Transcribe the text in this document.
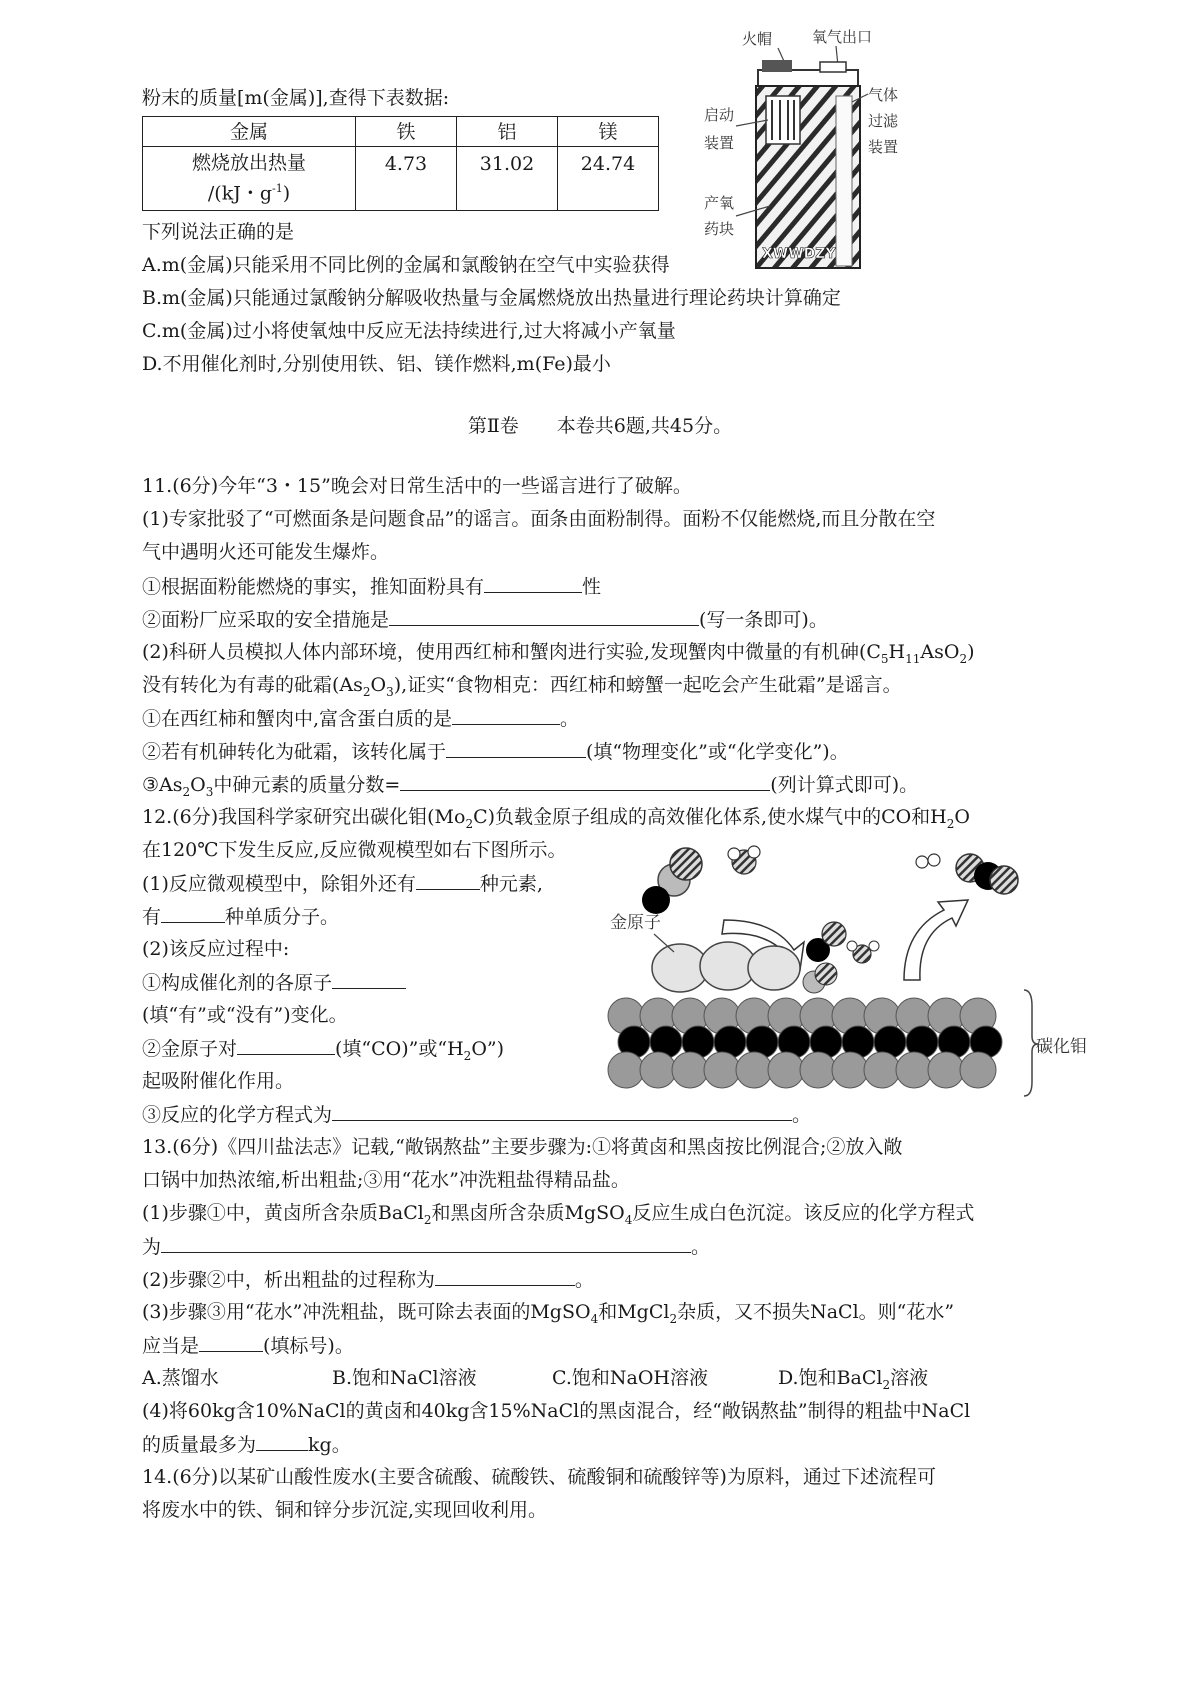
粉末的质量[m(金属)],查得下表数据:
金属	铁	铝	镁

燃烧放出热量
/(kJ・$g^{-1}$)	4.73	31.02	24.74
火帽	氧气出口
XWWDZY
启动
装置
产氧
药块
气体
过滤
装置
下列说法正确的是
A.m(金属)只能采用不同比例的金属和氯酸钠在空气中实验获得
B.m(金属)只能通过氯酸钠分解吸收热量与金属燃烧放出热量进行理论药块计算确定
C.m(金属)过小将使氧烛中反应无法持续进行,过大将减小产氧量
D.不用催化剂时,分别使用铁、铝、镁作燃料,m(Fe)最小
第Ⅱ卷　　本卷共6题,共45分。
11.(6分)今年“3・15”晚会对日常生活中的一些谣言进行了破解。
(1)专家批驳了“可燃面条是问题食品”的谣言。面条由面粉制得。面粉不仅能燃烧,而且分散在空
气中遇明火还可能发生爆炸。
①根据面粉能燃烧的事实，推知面粉具有	性
②面粉厂应采取的安全措施是	(写一条即可)。
(2)科研人员模拟人体内部环境，使用西红柿和蟹肉进行实验,发现蟹肉中微量的有机砷$(C_5H_{11}AsO_2)$
没有转化为有毒的砒霜$(As_2O_3)$,证实“食物相克：西红柿和螃蟹一起吃会产生砒霜”是谣言。
①在西红柿和蟹肉中,富含蛋白质的是	。
②若有机砷转化为砒霜，该转化属于	(填“物理变化”或“化学变化”)。
$③As_2O_3$中砷元素的质量分数=	(列计算式即可)。
12.(6分)我国科学家研究出碳化钼$(Mo_2C)$负载金原子组成的高效催化体系,使水煤气中的CO和$H_2O$
在120℃下发生反应,反应微观模型如右下图所示。
(1)反应微观模型中，除钼外还有	种元素,
有	种单质分子。
(2)该反应过程中:
①构成催化剂的各原子
(填“有”或“没有”)变化。
②金原子对	(填“CO)”或“$H_2O$”)
起吸附催化作用。
③反应的化学方程式为	。
金原子
碳化钼
13.(6分)《四川盐法志》记载,“敞锅熬盐”主要步骤为:①将黄卤和黑卤按比例混合;②放入敞
口锅中加热浓缩,析出粗盐;③用“花水”冲洗粗盐得精品盐。
(1)步骤①中，黄卤所含杂质BaCl$_2$和黑卤所含杂质MgSO$_4$反应生成白色沉淀。该反应的化学方程式
为	。
(2)步骤②中，析出粗盐的过程称为	。
(3)步骤③用“花水”冲洗粗盐，既可除去表面的MgSO$_4$和MgCl$_2$杂质，又不损失NaCl。则“花水”
应当是	(填标号)。
A.蒸馏水	B.饱和NaCl溶液	C.饱和NaOH溶液	D.饱和BaCl$_2$溶液
(4)将60kg含10%NaCl的黄卤和40kg含15%NaCl的黑卤混合，经“敞锅熬盐”制得的粗盐中NaCl
的质量最多为	kg。
14.(6分)以某矿山酸性废水(主要含硫酸、硫酸铁、硫酸铜和硫酸锌等)为原料，通过下述流程可
将废水中的铁、铜和锌分步沉淀,实现回收利用。
